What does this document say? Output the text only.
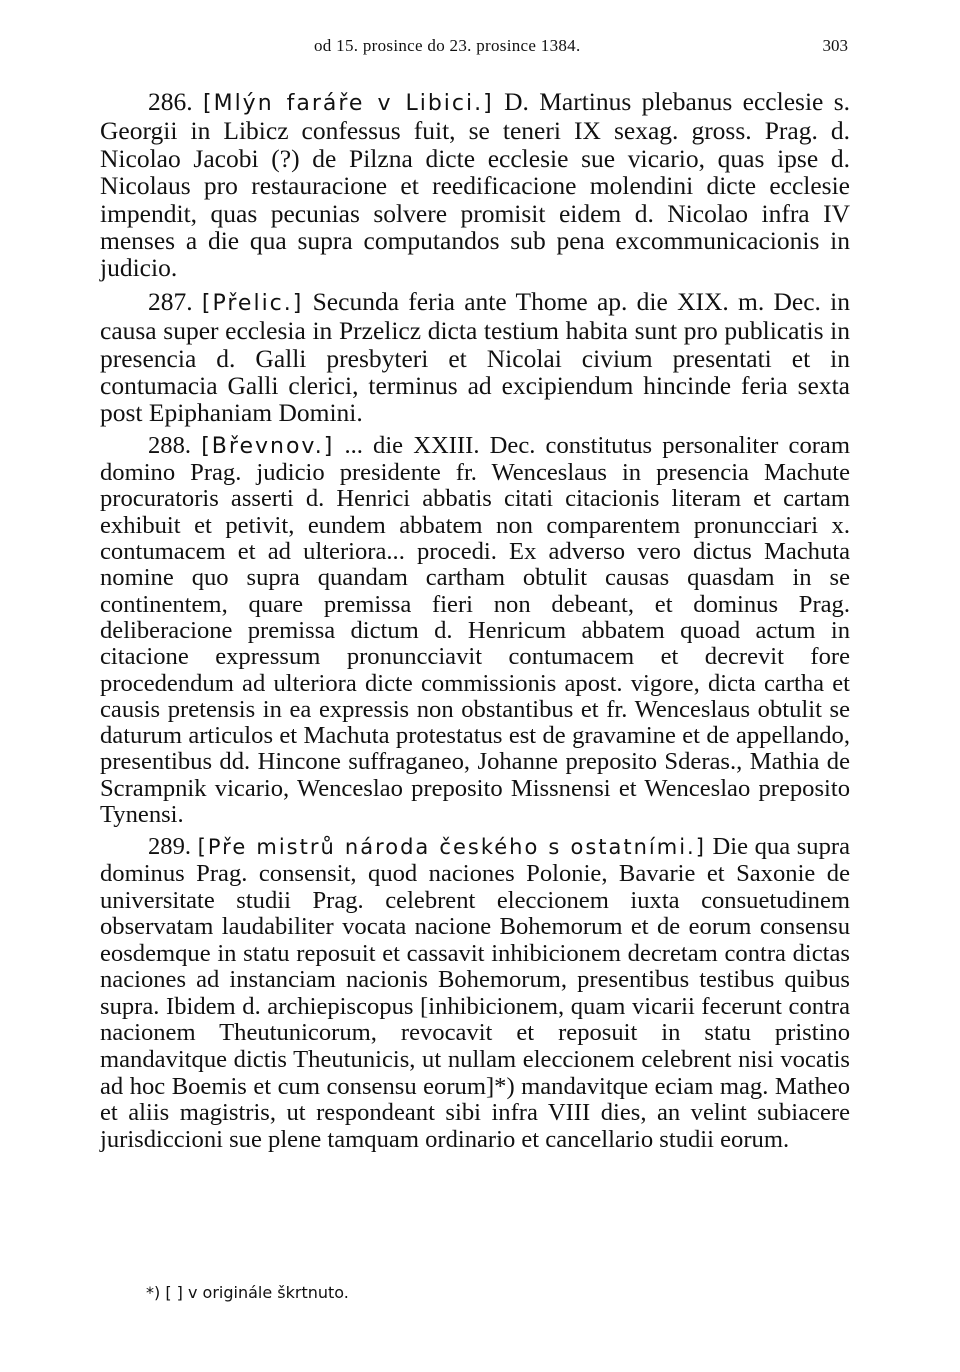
od 15. prosince do 23. prosince 1384.	303

286. [Mlýn faráře v Libici.] D. Martinus plebanus ecclesie s. Georgii in Libicz confessus fuit, se teneri IX sexag. gross. Prag. d. Nicolao Jacobi (?) de Pilzna dicte ecclesie sue vicario, quas ipse d. Nicolaus pro restauracione et reedificacione molendini dicte ecclesie impendit, quas pecunias solvere promisit eidem d. Nicolao infra IV menses a die qua supra computandos sub pena excommunicacionis in judicio.

287. [Přelic.] Secunda feria ante Thome ap. die XIX. m. Dec. in causa super ecclesia in Przelicz dicta testium habita sunt pro publicatis in presencia d. Galli presbyteri et Nicolai civium presentati et in contumacia Galli clerici, terminus ad excipiendum hincinde feria sexta post Epiphaniam Domini.

288. [Břevnov.] ... die XXIII. Dec. constitutus personaliter coram domino Prag. judicio presidente fr. Wenceslaus in presencia Machute procuratoris asserti d. Henrici abbatis citati citacionis literam et cartam exhibuit et petivit, eundem abbatem non comparentem pronuncciari x. contumacem et ad ulteriora... procedi. Ex adverso vero dictus Machuta nomine quo supra quandam cartham obtulit causas quasdam in se continentem, quare premissa fieri non debeant, et dominus Prag. deliberacione premissa dictum d. Henricum abbatem quoad actum in citacione expressum pronuncciavit contumacem et decrevit fore procedendum ad ulteriora dicte commissionis apost. vigore, dicta cartha et causis pretensis in ea expressis non obstantibus et fr. Wenceslaus obtulit se daturum articulos et Machuta protestatus est de gravamine et de appellando, presentibus dd. Hincone suffraganeo, Johanne preposito Sderas., Mathia de Scrampnik vicario, Wenceslao preposito Missnensi et Wenceslao preposito Tynensi.

289. [Pře mistrů národa českého s ostatními.] Die qua supra dominus Prag. consensit, quod naciones Polonie, Bavarie et Saxonie de universitate studii Prag. celebrent eleccionem iuxta consuetudinem observatam laudabiliter vocata nacione Bohemorum et de eorum consensu eosdemque in statu reposuit et cassavit inhibicionem decretam contra dictas naciones ad instanciam nacionis Bohemorum, presentibus testibus quibus supra. Ibidem d. archiepiscopus [inhibicionem, quam vicarii fecerunt contra nacionem Theutunicorum, revocavit et reposuit in statu pristino mandavitque dictis Theutunicis, ut nullam eleccionem celebrent nisi vocatis ad hoc Boemis et cum consensu eorum]*) mandavitque eciam mag. Matheo et aliis magistris, ut respondeant sibi infra VIII dies, an velint subiacere jurisdiccioni sue plene tamquam ordinario et cancellario studii eorum.

*) [ ] v originále škrtnuto.
